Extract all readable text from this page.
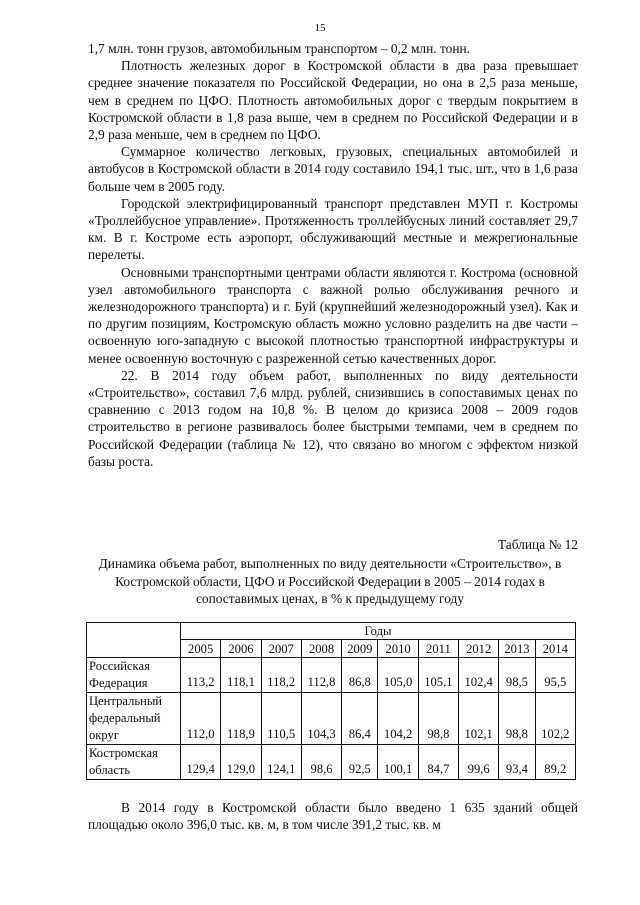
15

1,7 млн. тонн грузов, автомобильным транспортом – 0,2 млн. тонн.

Плотность железных дорог в Костромской области в два раза превышает среднее значение показателя по Российской Федерации, но она в 2,5 раза меньше, чем в среднем по ЦФО. Плотность автомобильных дорог с твердым покрытием в Костромской области в 1,8 раза выше, чем в среднем по Российской Федерации и в 2,9 раза меньше, чем в среднем по ЦФО.

Суммарное количество легковых, грузовых, специальных автомобилей и автобусов в Костромской области в 2014 году составило 194,1 тыс. шт., что в 1,6 раза больше чем в 2005 году.

Городской электрифицированный транспорт представлен МУП г. Костромы «Троллейбусное управление». Протяженность троллейбусных линий составляет 29,7 км. В г. Костроме есть аэропорт, обслуживающий местные и межрегиональные перелеты.

Основными транспортными центрами области являются г. Кострома (основной узел автомобильного транспорта с важной ролью обслуживания речного и железнодорожного транспорта) и г. Буй (крупнейший железнодорожный узел). Как и по другим позициям, Костромскую область можно условно разделить на две части – освоенную юго-западную с высокой плотностью транспортной инфраструктуры и менее освоенную восточную с разреженной сетью качественных дорог.

22. В 2014 году объем работ, выполненных по виду деятельности «Строительство», составил 7,6 млрд. рублей, снизившись в сопоставимых ценах по сравнению с 2013 годом на 10,8 %. В целом до кризиса 2008 – 2009 годов строительство в регионе развивалось более быстрыми темпами, чем в среднем по Российской Федерации (таблица № 12), что связано во многом с эффектом низкой базы роста.

Таблица № 12
Динамика объема работ, выполненных по виду деятельности «Строительство», в Костромской области, ЦФО и Российской Федерации в 2005 – 2014 годах в сопоставимых ценах, в % к предыдущему году
	Годы									
	2005	2006	2007	2008	2009	2010	2011	2012	2013	2014
Российская Федерация	113,2	118,1	118,2	112,8	86,8	105,0	105,1	102,4	98,5	95,5
Центральный федеральный округ	112,0	118,9	110,5	104,3	86,4	104,2	98,8	102,1	98,8	102,2
Костромская область	129,4	129,0	124,1	98,6	92,5	100,1	84,7	99,6	93,4	89,2

В 2014 году в Костромской области было введено 1 635 зданий общей площадью около 396,0 тыс. кв. м, в том числе 391,2 тыс. кв. м
